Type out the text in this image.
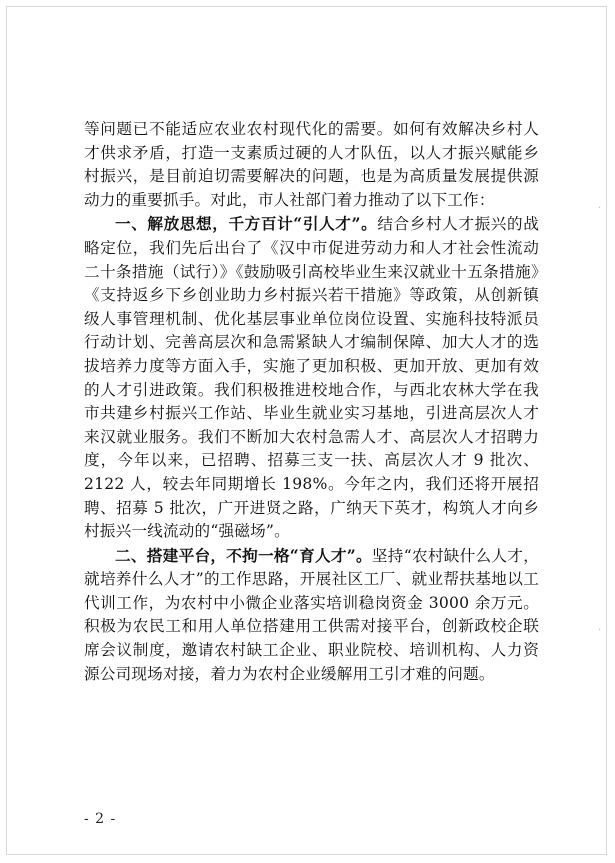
等问题已不能适应农业农村现代化的需要。如何有效解决乡村人才供求矛盾，打造一支素质过硬的人才队伍，以人才振兴赋能乡村振兴，是目前迫切需要解决的问题，也是为高质量发展提供源动力的重要抓手。对此，市人社部门着力推动了以下工作：

一、解放思想，千方百计“引人才”。结合乡村人才振兴的战略定位，我们先后出台了《汉中市促进劳动力和人才社会性流动二十条措施（试行）》《鼓励吸引高校毕业生来汉就业十五条措施》《支持返乡下乡创业助力乡村振兴若干措施》等政策，从创新镇级人事管理机制、优化基层事业单位岗位设置、实施科技特派员行动计划、完善高层次和急需紧缺人才编制保障、加大人才的选拔培养力度等方面入手，实施了更加积极、更加开放、更加有效的人才引进政策。我们积极推进校地合作，与西北农林大学在我市共建乡村振兴工作站、毕业生就业实习基地，引进高层次人才来汉就业服务。我们不断加大农村急需人才、高层次人才招聘力度，今年以来，已招聘、招募三支一扶、高层次人才 9 批次、2122 人，较去年同期增长 198%。今年之内，我们还将开展招聘、招募 5 批次，广开进贤之路，广纳天下英才，构筑人才向乡村振兴一线流动的“强磁场”。

二、搭建平台，不拘一格“育人才”。坚持“农村缺什么人才，就培养什么人才”的工作思路，开展社区工厂、就业帮扶基地以工代训工作，为农村中小微企业落实培训稳岗资金 3000 余万元。积极为农民工和用人单位搭建用工供需对接平台，创新政校企联席会议制度，邀请农村缺工企业、职业院校、培训机构、人力资源公司现场对接，着力为农村企业缓解用工引才难的问题。

- 2 -
·
·
